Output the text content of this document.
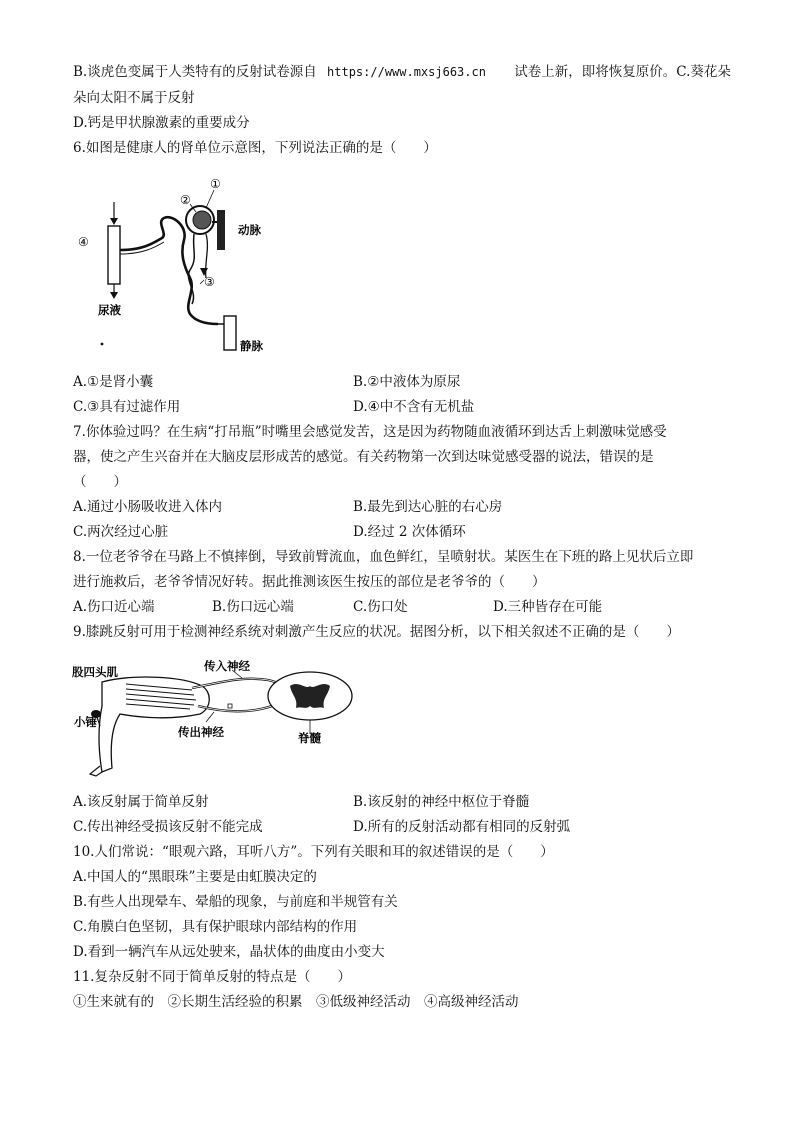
B.谈虎色变属于人类特有的反射试卷源自 https://www.mxsj663.cn 试卷上新，即将恢复原价。C.葵花朵
朵向太阳不属于反射
D.钙是甲状腺激素的重要成分
6.如图是健康人的肾单位示意图，下列说法正确的是（　　）
①
②
③
④
动脉
尿液
静脉
A.①是肾小囊	B.②中液体为原尿
C.③具有过滤作用	D.④中不含有无机盐
7.你体验过吗？在生病“打吊瓶”时嘴里会感觉发苦，这是因为药物随血液循环到达舌上刺激味觉感受
器，使之产生兴奋并在大脑皮层形成苦的感觉。有关药物第一次到达味觉感受器的说法，错误的是
（　　）
A.通过小肠吸收进入体内	B.最先到达心脏的右心房
C.两次经过心脏	D.经过 2 次体循环
8.一位老爷爷在马路上不慎摔倒，导致前臂流血，血色鲜红，呈喷射状。某医生在下班的路上见状后立即
进行施救后，老爷爷情况好转。据此推测该医生按压的部位是老爷爷的（　　）
A.伤口近心端	B.伤口远心端	C.伤口处	D.三种皆存在可能
9.膝跳反射可用于检测神经系统对刺激产生反应的状况。据图分析，以下相关叙述不正确的是（　　）
股四头肌	传入神经
小锤
传出神经	脊髓
A.该反射属于简单反射	B.该反射的神经中枢位于脊髓
C.传出神经受损该反射不能完成	D.所有的反射活动都有相同的反射弧
10.人们常说：“眼观六路，耳听八方”。下列有关眼和耳的叙述错误的是（　　）
A.中国人的“黑眼珠”主要是由虹膜决定的
B.有些人出现晕车、晕船的现象，与前庭和半规管有关
C.角膜白色坚韧，具有保护眼球内部结构的作用
D.看到一辆汽车从远处驶来，晶状体的曲度由小变大
11.复杂反射不同于简单反射的特点是（　　）
①生来就有的　②长期生活经验的积累　③低级神经活动　④高级神经活动
